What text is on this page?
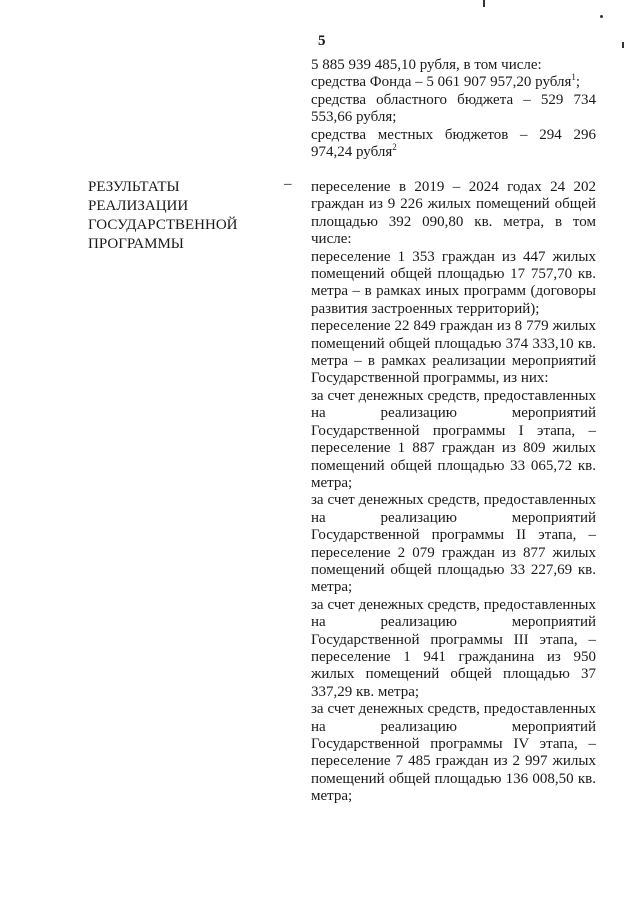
5

5 885 939 485,10 рубля, в том числе:

средства Фонда – 5 061 907 957,20 рубля$^1$;

средства областного бюджета – 529 734 553,66 рубля;

средства местных бюджетов – 294 296 974,24 рубля$^2$

РЕЗУЛЬТАТЫ
РЕАЛИЗАЦИИ
ГОСУДАРСТВЕННОЙ
ПРОГРАММЫ
– переселение в 2019 – 2024 годах 24 202 граждан из 9 226 жилых помещений общей площадью 392 090,80 кв. метра, в том числе:

переселение 1 353 граждан из 447 жилых помещений общей площадью 17 757,70 кв. метра – в рамках иных программ (договоры развития застроенных территорий);

переселение 22 849 граждан из 8 779 жилых помещений общей площадью 374 333,10 кв. метра – в рамках реализации мероприятий Государственной программы, из них:

за счет денежных средств, предоставленных на реализацию мероприятий Государственной программы I этапа, – переселение 1 887 граждан из 809 жилых помещений общей площадью 33 065,72 кв. метра;

за счет денежных средств, предоставленных на реализацию мероприятий Государственной программы II этапа, – переселение 2 079 граждан из 877 жилых помещений общей площадью 33 227,69 кв. метра;

за счет денежных средств, предоставленных на реализацию мероприятий Государственной программы III этапа, – переселение 1 941 гражданина из 950 жилых помещений общей площадью 37 337,29 кв. метра;

за счет денежных средств, предоставленных на реализацию мероприятий Государственной программы IV этапа, – переселение 7 485 граждан из 2 997 жилых помещений общей площадью 136 008,50 кв. метра;
